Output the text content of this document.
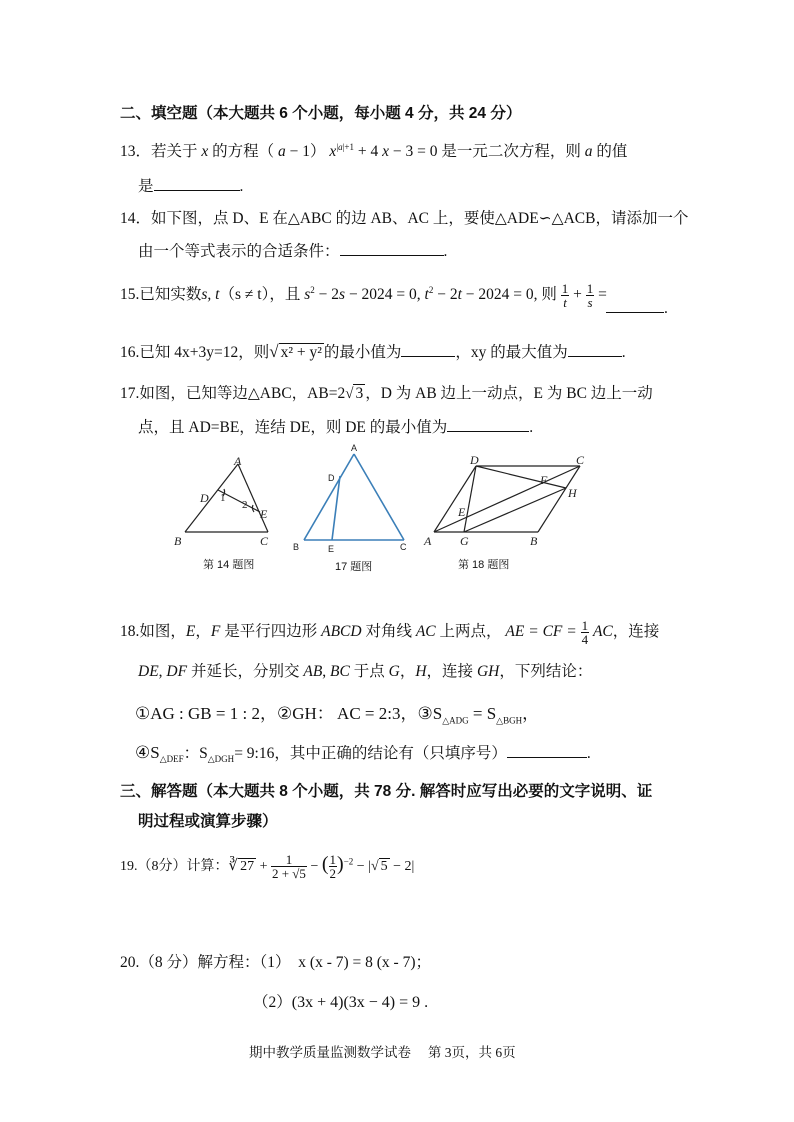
二、填空题（本大题共 6 个小题，每小题 4 分，共 24 分）
13．若关于 x 的方程（ a − 1） $x^{|a|+1} + 4$ x − 3 = 0 是一元二次方程，则 a 的值
是	.
14．如下图，点 D、E 在△ABC 的边 AB、AC 上，要使△ADE∽△ACB，请添加一个
由一个等式表示的合适条件：	.
15.已知实数s, t（s ≠ t），且 $s^2 - 2s - 2024 = 0$, $t^2 - 2t - 2024 = 0$, 则 $\frac{1}{t} + \frac{1}{s}$ =
.
16.已知 4x+3y=12，则√ x² + y² 的最小值为	，xy 的最大值为	.
17.如图，已知等边△ABC，AB=2√ 3 ，D 为 AB 边上一动点，E 为 BC 边上一动
点，且 AD=BE，连结 DE，则 DE 的最小值为	.
A
B	C
D
E
1
2
第 14 题图
A
B	C
D
E
17 题图
D	C
F
H
E
A G	B
第 18 题图
18.如图，E，F 是平行四边形 ABCD 对角线 AC 上两点， AE = CF = $\frac{1}{4}$ AC，连接
DE, DF 并延长，分别交 AB, BC 于点 G，H，连接 GH，下列结论：
①AG : GB = 1 : 2，②GH： AC = 2:3，$③S_{\triangle ADG} = S_{\triangle BGH}$，
$④S_{\triangle DEF}$：$S_{\triangle DGH}=$ 9:16，其中正确的结论有（只填序号）	.
三、解答题（本大题共 8 个小题，共 78 分. 解答时应写出必要的文字说明、证
明过程或演算步骤）
19.（8分）计算：∛ $27 + \frac{1}{2 + √5}$ − ( $\frac{1}{2} )^{-2}$ − |√ 5 − 2|
20.（8 分）解方程：（1）　 x (x - 7) = 8 (x - 7)；
（2）(3x + 4)(3x − 4) = 9 .
期中教学质量监测数学试卷　 第 3页，共 6页
